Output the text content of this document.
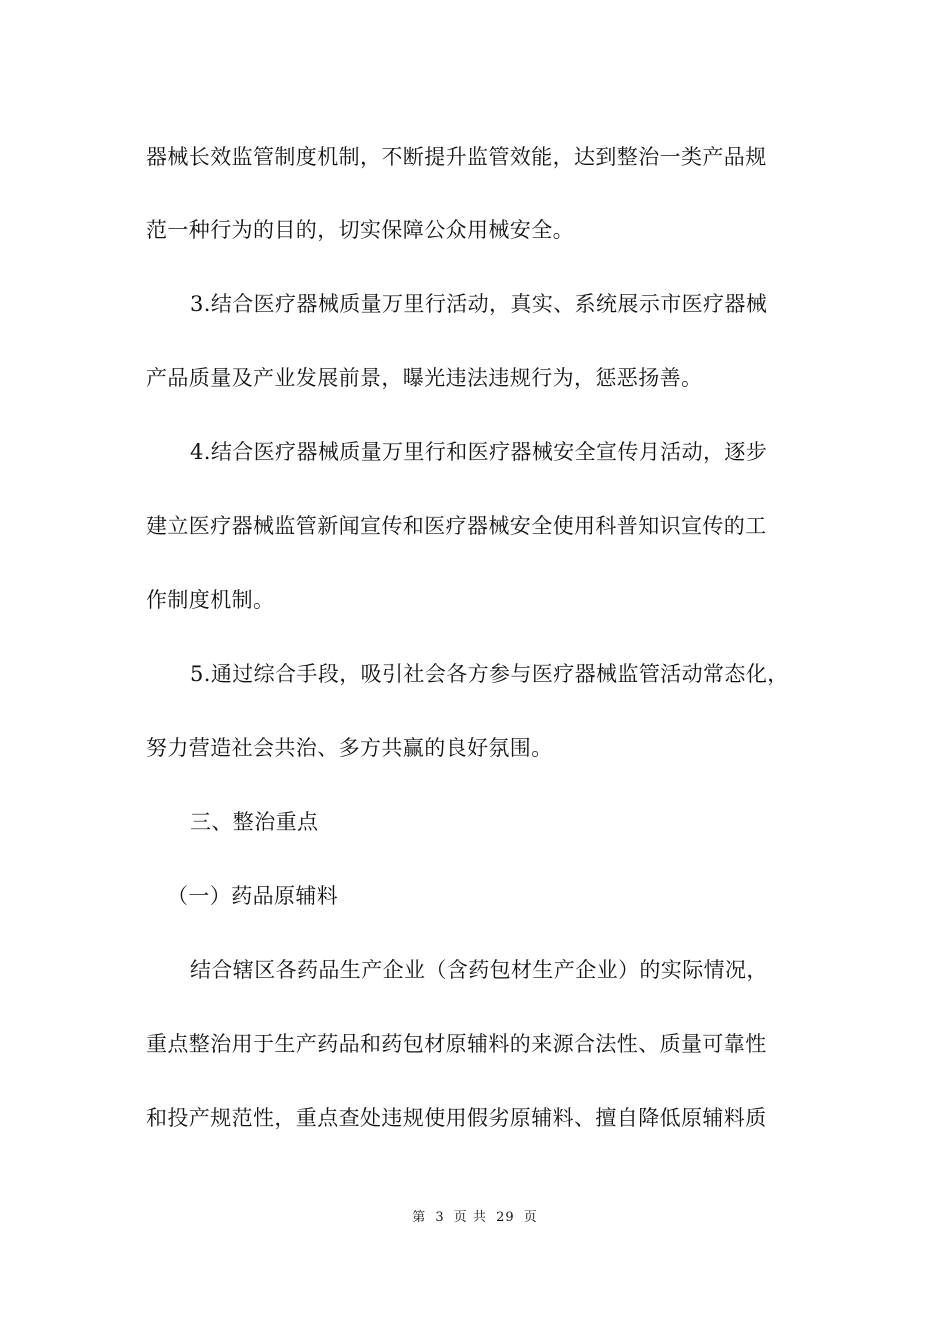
器械长效监管制度机制，不断提升监管效能，达到整治一类产品规
范一种行为的目的，切实保障公众用械安全。
3.结合医疗器械质量万里行活动，真实、系统展示市医疗器械
产品质量及产业发展前景，曝光违法违规行为，惩恶扬善。
4.结合医疗器械质量万里行和医疗器械安全宣传月活动，逐步
建立医疗器械监管新闻宣传和医疗器械安全使用科普知识宣传的工
作制度机制。
5.通过综合手段，吸引社会各方参与医疗器械监管活动常态化，
努力营造社会共治、多方共赢的良好氛围。
三、整治重点
（一）药品原辅料
结合辖区各药品生产企业（含药包材生产企业）的实际情况，
重点整治用于生产药品和药包材原辅料的来源合法性、质量可靠性
和投产规范性，重点查处违规使用假劣原辅料、擅自降低原辅料质
第 3 页 共 29 页
